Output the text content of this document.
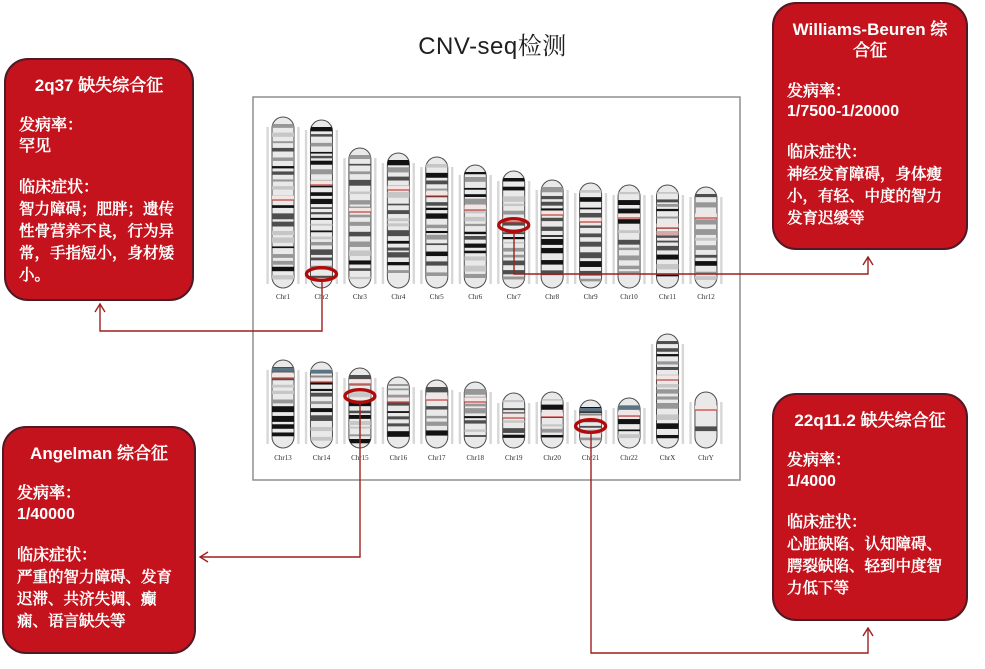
CNV-seq检测
Chr1	Chr2	Chr3	Chr4	Chr5	Chr6	Chr7	Chr8	Chr9	Chr10	Chr11	Chr12
Chr13	Chr14	Chr15	Chr16	Chr17	Chr18	Chr19	Chr20	Chr21	Chr22	ChrX	ChrY
2q37 缺失综合征
发病率：
罕见
临床症状：
智力障碍；肥胖；遗传性骨营养不良，行为异常，手指短小，身材矮小。
Williams-Beuren 综合征
发病率：
1/7500-1/20000
临床症状：
神经发育障碍，身体瘦小，有轻、中度的智力发育迟缓等
Angelman 综合征
发病率：
1/40000
临床症状：
严重的智力障碍、发育迟滞、共济失调、癫痫、语言缺失等
22q11.2 缺失综合征
发病率：
1/4000
临床症状：
心脏缺陷、认知障碍、腭裂缺陷、轻到中度智力低下等
